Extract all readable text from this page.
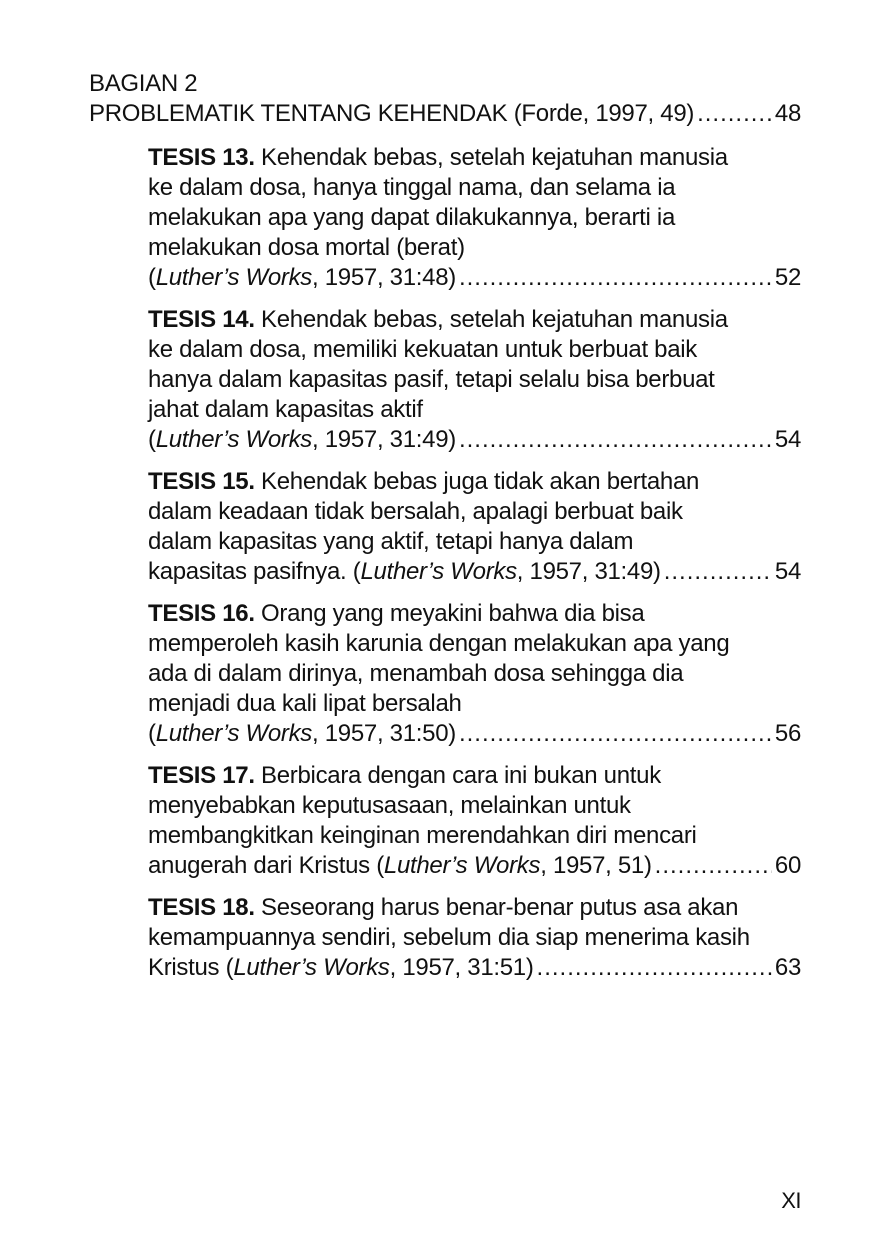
BAGIAN 2
PROBLEMATIK TENTANG KEHENDAK (Forde, 1997, 49) .....	48
TESIS 13. Kehendak bebas, setelah kejatuhan manusia
ke dalam dosa, hanya tinggal nama, dan selama ia
melakukan apa yang dapat dilakukannya, berarti ia
melakukan dosa mortal (berat)
(Luther’s Works, 1957, 31:48) .....	52
TESIS 14. Kehendak bebas, setelah kejatuhan manusia
ke dalam dosa, memiliki kekuatan untuk berbuat baik
hanya dalam kapasitas pasif, tetapi selalu bisa berbuat
jahat dalam kapasitas aktif
(Luther’s Works, 1957, 31:49) .....	54
TESIS 15. Kehendak bebas juga tidak akan bertahan
dalam keadaan tidak bersalah, apalagi berbuat baik
dalam kapasitas yang aktif, tetapi hanya dalam
kapasitas pasifnya. (Luther’s Works, 1957, 31:49) .....	54
TESIS 16. Orang yang meyakini bahwa dia bisa
memperoleh kasih karunia dengan melakukan apa yang
ada di dalam dirinya, menambah dosa sehingga dia
menjadi dua kali lipat bersalah
(Luther’s Works, 1957, 31:50) .....	56
TESIS 17. Berbicara dengan cara ini bukan untuk
menyebabkan keputusasaan, melainkan untuk
membangkitkan keinginan merendahkan diri mencari
anugerah dari Kristus (Luther’s Works, 1957, 51) .....	60
TESIS 18. Seseorang harus benar-benar putus asa akan
kemampuannya sendiri, sebelum dia siap menerima kasih
Kristus (Luther’s Works, 1957, 31:51) .....	63
XI
